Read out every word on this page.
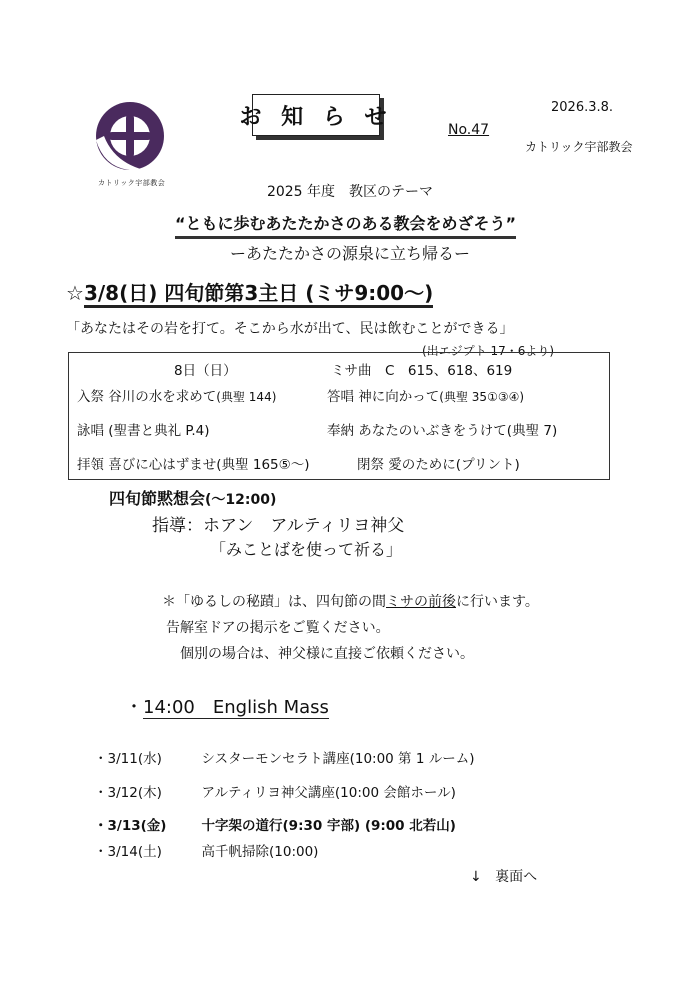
カトリック宇部教会
お 知 ら せ	2026.3.8.
No.47
カトリック宇部教会
2025 年度　教区のテーマ
“ともに歩むあたたかさのある教会をめざそう”
ーあたたかさの源泉に立ち帰るー
☆3/8(日) 四旬節第3主日 (ミサ9:00〜)
「あなたはその岩を打て。そこから水が出て、民は飲むことができる」
(出エジプト 17・6より)
8日（日）	ミサ曲　C　615、618、619
入祭 谷川の水を求めて(典聖 144)	答唱 神に向かって(典聖 35①③④)
詠唱 (聖書と典礼 P.4)	奉納 あなたのいぶきをうけて(典聖 7)
拝領 喜びに心はずませ(典聖 165⑤〜)	閉祭 愛のために(プリント)
四旬節黙想会(〜12:00)
指導：ホアン　アルティリヨ神父
「みことばを使って祈る」
＊「ゆるしの秘蹟」は、四旬節の間ミサの前後に行います。
告解室ドアの掲示をご覧ください。
個別の場合は、神父様に直接ご依頼ください。
・14:00　English Mass
・3/11(水)	シスターモンセラト講座(10:00 第 1 ルーム)
・3/12(木)	アルティリヨ神父講座(10:00 会館ホール)
・3/13(金)	十字架の道行(9:30 宇部) (9:00 北若山)
・3/14(土)	高千帆掃除(10:00)
↓ 裏面へ
